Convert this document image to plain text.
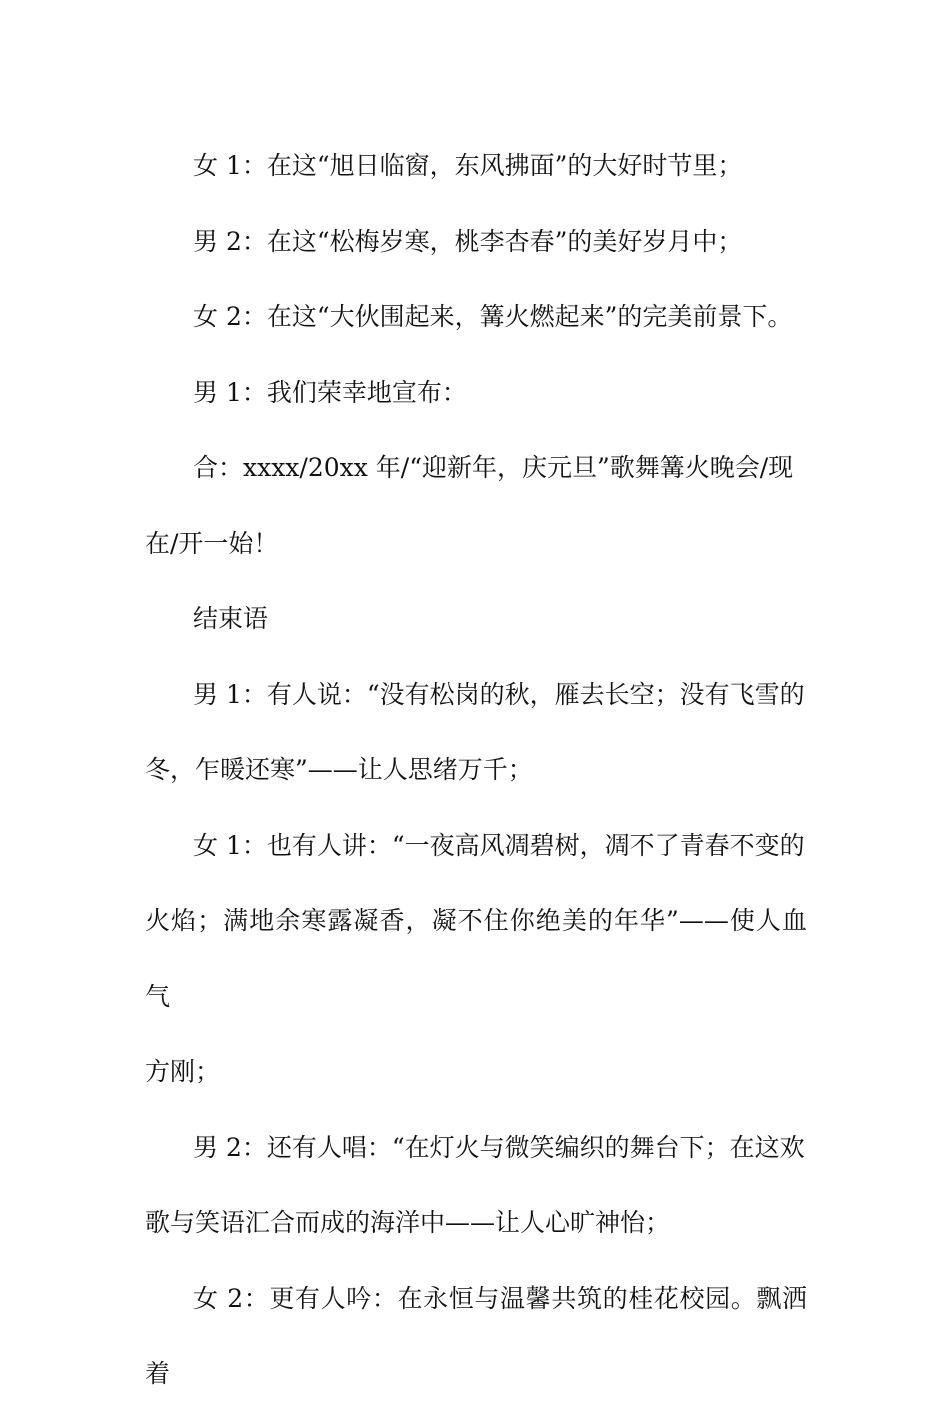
女 1：在这“旭日临窗，东风拂面”的大好时节里；

男 2：在这“松梅岁寒，桃李杏春”的美好岁月中；

女 2：在这“大伙围起来，篝火燃起来”的完美前景下。

男 1：我们荣幸地宣布：

合：xxxx/20xx 年/“迎新年，庆元旦”歌舞篝火晚会/现
在/开一始！

结束语

男 1：有人说：“没有松岗的秋，雁去长空；没有飞雪的
冬，乍暖还寒”——让人思绪万千；

女 1：也有人讲：“一夜高风凋碧树，凋不了青春不变的
火焰；满地余寒露凝香，凝不住你绝美的年华”——使人血气
方刚；

男 2：还有人唱：“在灯火与微笑编织的舞台下；在这欢
歌与笑语汇合而成的海洋中——让人心旷神怡；

女 2：更有人吟：在永恒与温馨共筑的桂花校园。飘洒着
